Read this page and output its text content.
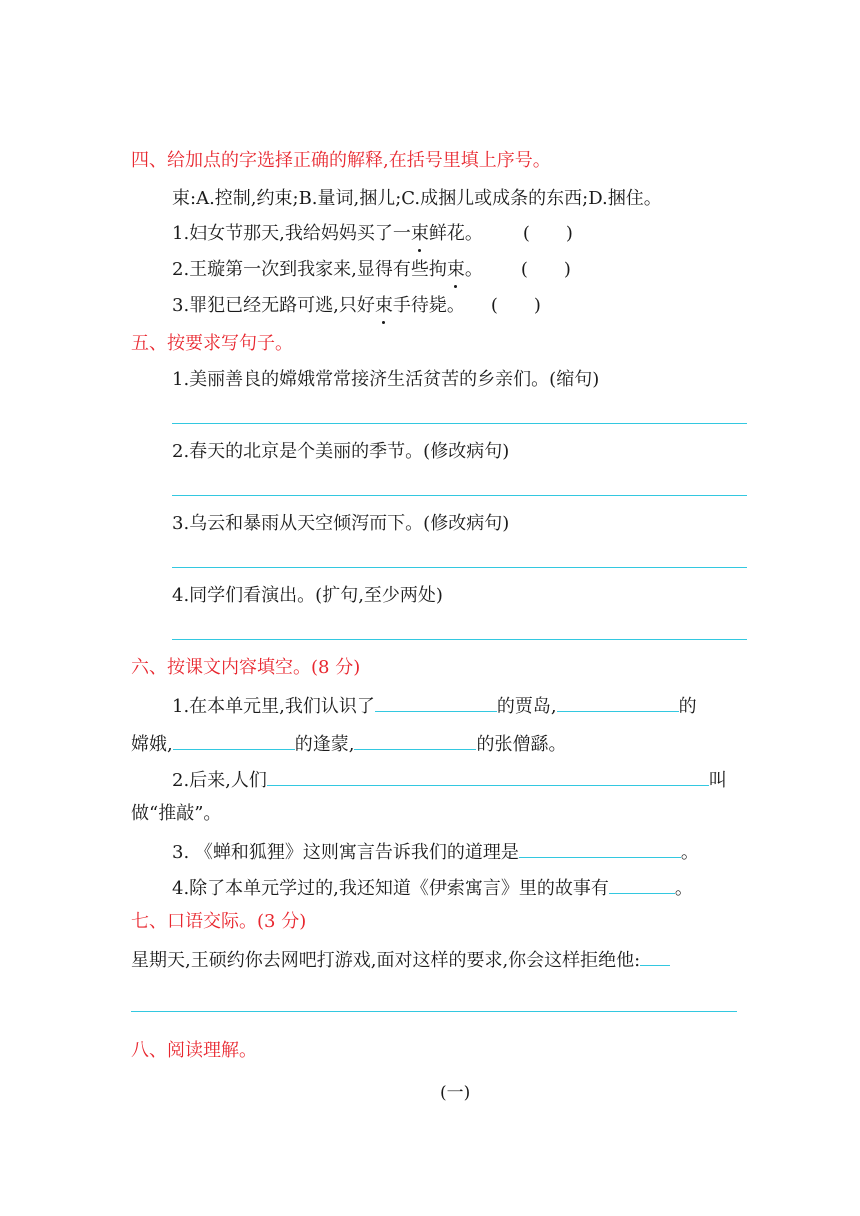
四、给加点的字选择正确的解释,在括号里填上序号。
束:A.控制,约束;B.量词,捆儿;C.成捆儿或成条的东西;D.捆住。
1.妇女节那天,我给妈妈买了一束鲜花。 (　　)
2.王璇第一次到我家来,显得有些拘束。 (　　)
3.罪犯已经无路可逃,只好束手待毙。 (　　)
五、按要求写句子。
1.美丽善良的嫦娥常常接济生活贫苦的乡亲们。(缩句)
2.春天的北京是个美丽的季节。(修改病句)
3.乌云和暴雨从天空倾泻而下。(修改病句)
4.同学们看演出。(扩句,至少两处)
六、按课文内容填空。(8 分)
1.在本单元里,我们认识了	的贾岛,	的
嫦娥,	的逢蒙,	的张僧繇。
2.后来,人们	叫
做“推敲”。
3. 《蝉和狐狸》这则寓言告诉我们的道理是	。
4.除了本单元学过的,我还知道《伊索寓言》里的故事有	。
七、口语交际。(3 分)
星期天,王硕约你去网吧打游戏,面对这样的要求,你会这样拒绝他:
八、阅读理解。
(一)
